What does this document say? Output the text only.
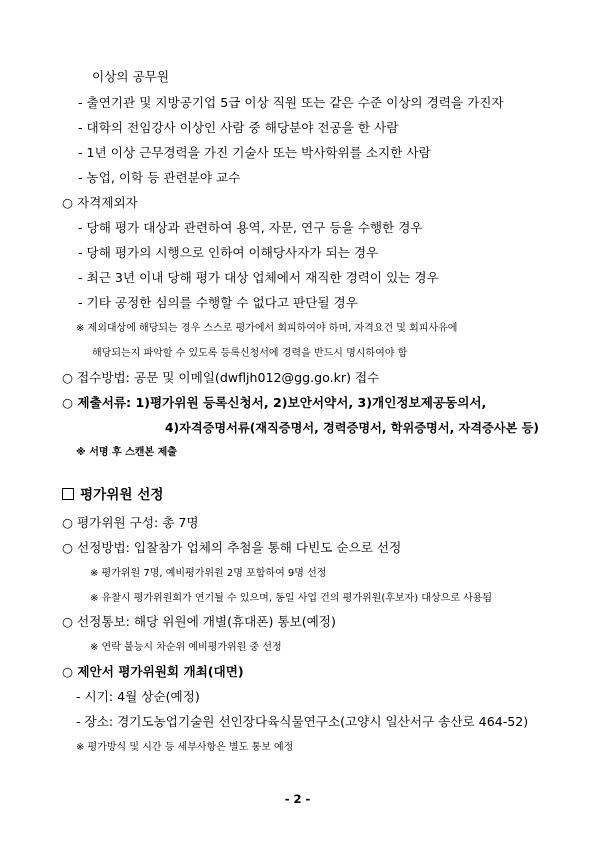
이상의 공무원
- 출연기관 및 지방공기업 5급 이상 직원 또는 같은 수준 이상의 경력을 가진자
- 대학의 전임강사 이상인 사람 중 해당분야 전공을 한 사람
- 1년 이상 근무경력을 가진 기술사 또는 박사학위를 소지한 사람
- 농업, 이학 등 관련분야 교수
○ 자격제외자
- 당해 평가 대상과 관련하여 용역, 자문, 연구 등을 수행한 경우
- 당해 평가의 시행으로 인하여 이해당사자가 되는 경우
- 최근 3년 이내 당해 평가 대상 업체에서 재직한 경력이 있는 경우
- 기타 공정한 심의를 수행할 수 없다고 판단될 경우
※ 제외대상에 해당되는 경우 스스로 평가에서 회피하여야 하며, 자격요건 및 회피사유에
해당되는지 파악할 수 있도록 등록신청서에 경력을 반드시 명시하여야 함
○ 접수방법: 공문 및 이메일(dwfljh012@gg.go.kr) 접수
○ 제출서류: 1)평가위원 등록신청서, 2)보안서약서, 3)개인정보제공동의서,
4)자격증명서류(재직증명서, 경력증명서, 학위증명서, 자격증사본 등)
※ 서명 후 스캔본 제출
평가위원 선정
○ 평가위원 구성: 총 7명
○ 선정방법: 입찰참가 업체의 추첨을 통해 다빈도 순으로 선정
※ 평가위원 7명, 예비평가위원 2명 포함하여 9명 선정
※ 유찰시 평가위원회가 연기될 수 있으며, 동일 사업 건의 평가위원(후보자) 대상으로 사용됨
○ 선정통보: 해당 위원에 개별(휴대폰) 통보(예정)
※ 연락 불능시 차순위 예비평가위원 중 선정
○ 제안서 평가위원회 개최(대면)
- 시기: 4월 상순(예정)
- 장소: 경기도농업기술원 선인장다육식물연구소(고양시 일산서구 송산로 464-52)
※ 평가방식 및 시간 등 세부사항은 별도 통보 예정
- 2 -
